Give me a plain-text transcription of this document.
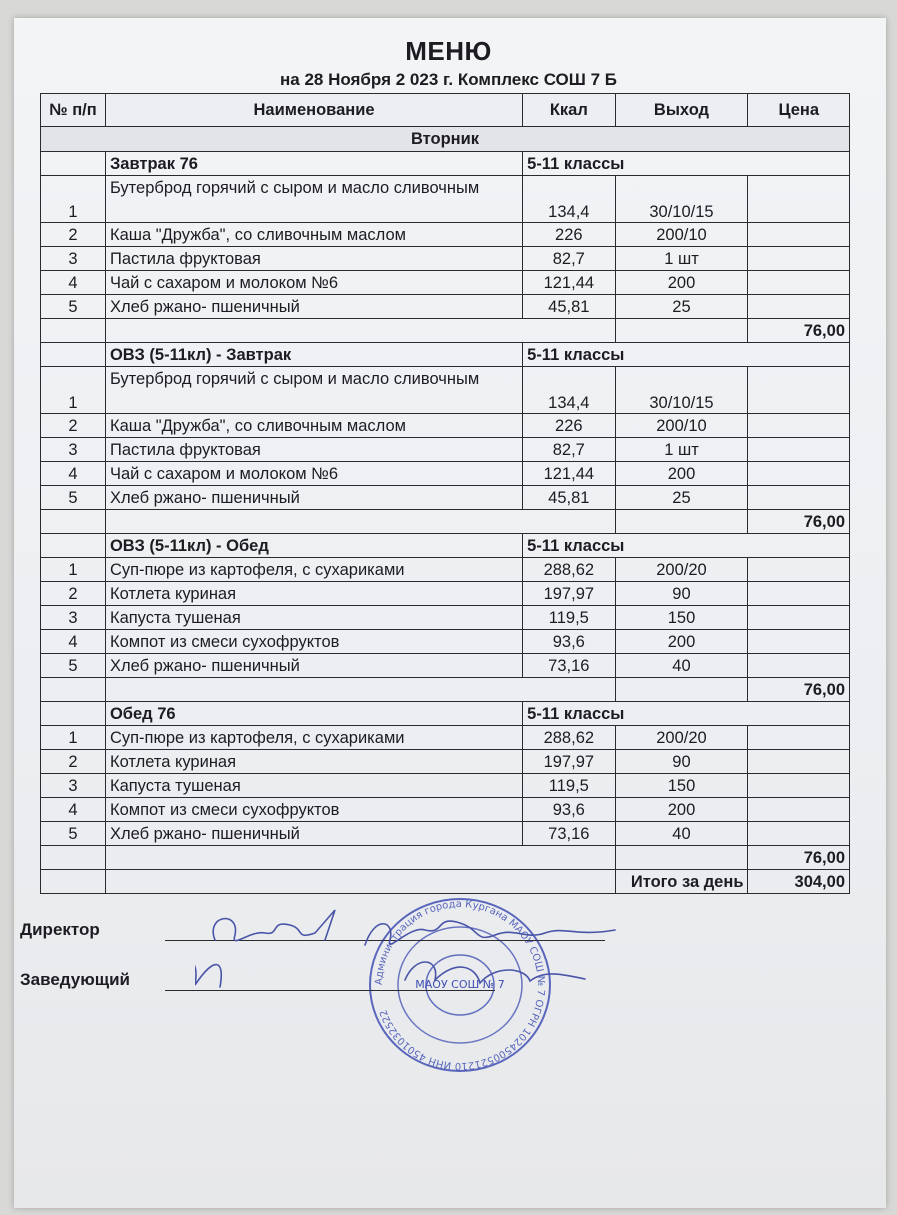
МЕНЮ
на 28 Ноября 2 023 г. Комплекс СОШ 7 Б
№ п/п	Наименование	Ккал	Выход	Цена
Вторник				
	Завтрак 76	5-11 классы		
1	Бутерброд горячий с сыром и масло сливочным	134,4	30/10/15	
2	Каша "Дружба", со сливочным маслом	226	200/10	
3	Пастила фруктовая	82,7	1 шт	
4	Чай с сахаром и молоком №6	121,44	200	
5	Хлеб ржано- пшеничный	45,81	25	
				76,00
	ОВЗ (5-11кл) - Завтрак	5-11 классы		
1	Бутерброд горячий с сыром и масло сливочным	134,4	30/10/15	
2	Каша "Дружба", со сливочным маслом	226	200/10	
3	Пастила фруктовая	82,7	1 шт	
4	Чай с сахаром и молоком №6	121,44	200	
5	Хлеб ржано- пшеничный	45,81	25	
				76,00
	ОВЗ (5-11кл) - Обед	5-11 классы		
1	Суп-пюре из картофеля, с сухариками	288,62	200/20	
2	Котлета куриная	197,97	90	
3	Капуста тушеная	119,5	150	
4	Компот из смеси сухофруктов	93,6	200	
5	Хлеб ржано- пшеничный	73,16	40	
				76,00
	Обед 76	5-11 классы		
1	Суп-пюре из картофеля, с сухариками	288,62	200/20	
2	Котлета куриная	197,97	90	
3	Капуста тушеная	119,5	150	
4	Компот из смеси сухофруктов	93,6	200	
5	Хлеб ржано- пшеничный	73,16	40	
				76,00
			Итого за день	304,00
Администрация города Кургана МАОУ СОШ № 7 ОГРН 1024500521210 ИНН 4501032522
МАОУ СОШ № 7
Директор
Заведующий
